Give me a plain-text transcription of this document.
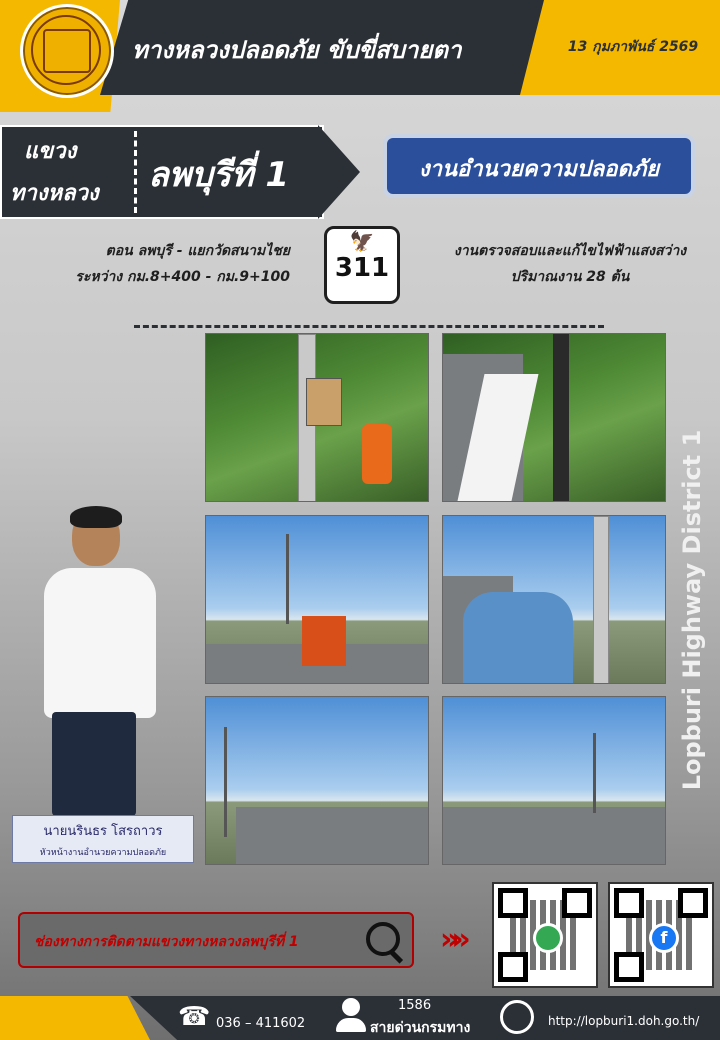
ทางหลวงปลอดภัย ขับขี่สบายตา	13 กุมภาพันธ์ 2569
แขวง
ทางหลวง ลพบุรีที่ 1	งานอำนวยความปลอดภัย
ตอน ลพบุรี - แยกวัดสนามไชย
ระหว่าง กม.8+400 - กม.9+100
🦅
311
งานตรวจสอบและแก้ไขไฟฟ้าแสงสว่าง
ปริมาณงาน 28 ต้น
นายนรินธร โสรถาวร
หัวหน้างานอำนวยความปลอดภัย
Lopburi Highway District 1
ช่องทางการติดตามแขวงทางหลวงลพบุรีที่ 1	»»	f
☎ 036 – 411602
1586
สายด่วนกรมทาง	http://lopburi1.doh.go.th/
